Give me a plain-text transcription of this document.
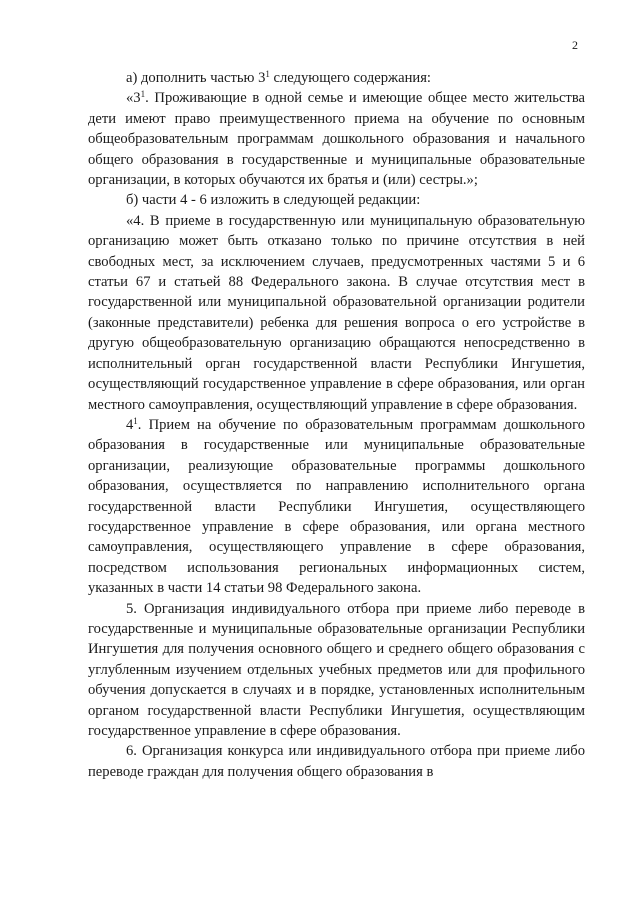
2

а) дополнить частью $3^1$ следующего содержания:

«$3^1$. Проживающие в одной семье и имеющие общее место жительства дети имеют право преимущественного приема на обучение по основным общеобразовательным программам дошкольного образования и начального общего образования в государственные и муниципальные образовательные организации, в которых обучаются их братья и (или) сестры.»;

б) части 4 - 6 изложить в следующей редакции:

«4. В приеме в государственную или муниципальную образовательную организацию может быть отказано только по причине отсутствия в ней свободных мест, за исключением случаев, предусмотренных частями 5 и 6 статьи 67 и статьей 88 Федерального закона. В случае отсутствия мест в государственной или муниципальной образовательной организации родители (законные представители) ребенка для решения вопроса о его устройстве в другую общеобразовательную организацию обращаются непосредственно в исполнительный орган государственной власти Республики Ингушетия, осуществляющий государственное управление в сфере образования, или орган местного самоуправления, осуществляющий управление в сфере образования.

$4^1$. Прием на обучение по образовательным программам дошкольного образования в государственные или муниципальные образовательные организации, реализующие образовательные программы дошкольного образования, осуществляется по направлению исполнительного органа государственной власти Республики Ингушетия, осуществляющего государственное управление в сфере образования, или органа местного самоуправления, осуществляющего управление в сфере образования, посредством использования региональных информационных систем, указанных в части 14 статьи 98 Федерального закона.

5. Организация индивидуального отбора при приеме либо переводе в государственные и муниципальные образовательные организации Республики Ингушетия для получения основного общего и среднего общего образования с углубленным изучением отдельных учебных предметов или для профильного обучения допускается в случаях и в порядке, установленных исполнительным органом государственной власти Республики Ингушетия, осуществляющим государственное управление в сфере образования.

6. Организация конкурса или индивидуального отбора при приеме либо переводе граждан для получения общего образования в
